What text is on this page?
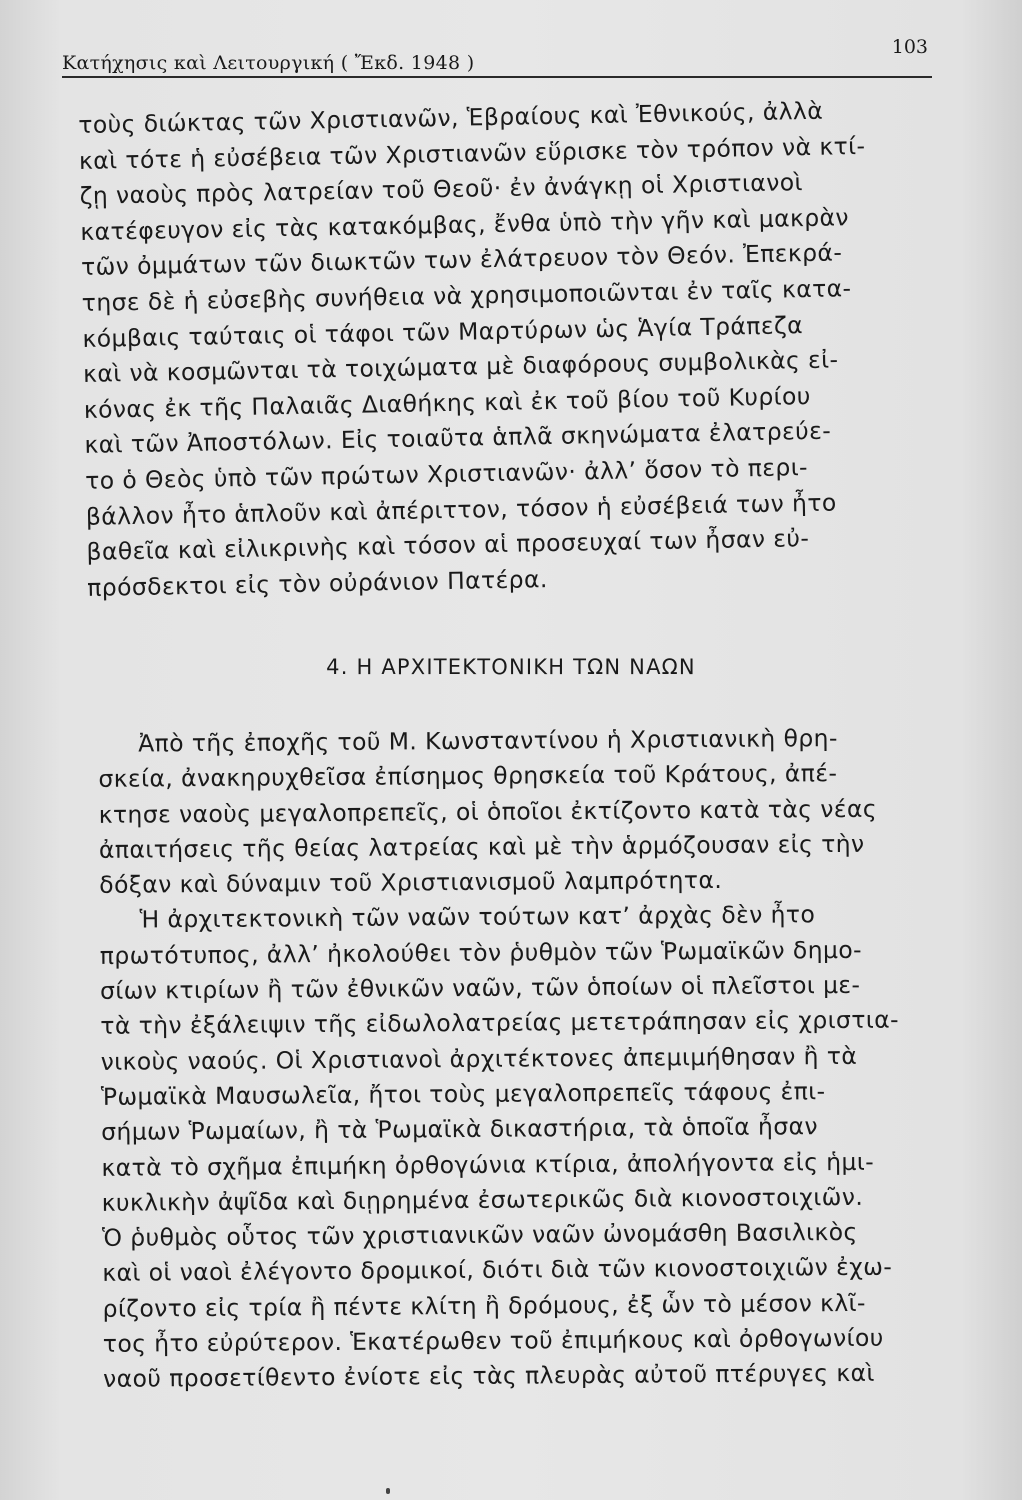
Κατήχησις καὶ Λειτουργική ( Ἔκδ. 1948 )
103
τοὺς διώκτας τῶν Χριστιανῶν, Ἑβραίους καὶ Ἐθνικούς, ἀλλὰ
καὶ τότε ἡ εὐσέβεια τῶν Χριστιανῶν εὕρισκε τὸν τρόπον νὰ κτί-
ζῃ ναοὺς πρὸς λατρείαν τοῦ Θεοῦ· ἐν ἀνάγκῃ οἱ Χριστιανοὶ
κατέφευγον εἰς τὰς κατακόμβας, ἔνθα ὑπὸ τὴν γῆν καὶ μακρὰν
τῶν ὀμμάτων τῶν διωκτῶν των ἐλάτρευον τὸν Θεόν. Ἐπεκρά-
τησε δὲ ἡ εὐσεβὴς συνήθεια νὰ χρησιμοποιῶνται ἐν ταῖς κατα-
κόμβαις ταύταις οἱ τάφοι τῶν Μαρτύρων ὡς Ἁγία Τράπεζα
καὶ νὰ κοσμῶνται τὰ τοιχώματα μὲ διαφόρους συμβολικὰς εἰ-
κόνας ἐκ τῆς Παλαιᾶς Διαθήκης καὶ ἐκ τοῦ βίου τοῦ Κυρίου
καὶ τῶν Ἀποστόλων. Εἰς τοιαῦτα ἁπλᾶ σκηνώματα ἐλατρεύε-
το ὁ Θεὸς ὑπὸ τῶν πρώτων Χριστιανῶν· ἀλλ’ ὅσον τὸ περι-
βάλλον ἦτο ἁπλοῦν καὶ ἀπέριττον, τόσον ἡ εὐσέβειά των ἦτο
βαθεῖα καὶ εἰλικρινὴς καὶ τόσον αἱ προσευχαί των ἦσαν εὐ-
πρόσδεκτοι εἰς τὸν οὐράνιον Πατέρα.
4. Η ΑΡΧΙΤΕΚΤΟΝΙΚΗ ΤΩΝ ΝΑΩΝ
Ἀπὸ τῆς ἐποχῆς τοῦ Μ. Κωνσταντίνου ἡ Χριστιανικὴ θρη-
σκεία, ἀνακηρυχθεῖσα ἐπίσημος θρησκεία τοῦ Κράτους, ἀπέ-
κτησε ναοὺς μεγαλοπρεπεῖς, οἱ ὁποῖοι ἐκτίζοντο κατὰ τὰς νέας
ἀπαιτήσεις τῆς θείας λατρείας καὶ μὲ τὴν ἁρμόζουσαν εἰς τὴν
δόξαν καὶ δύναμιν τοῦ Χριστιανισμοῦ λαμπρότητα.
Ἡ ἀρχιτεκτονικὴ τῶν ναῶν τούτων κατ’ ἀρχὰς δὲν ἦτο
πρωτότυπος, ἀλλ’ ἠκολούθει τὸν ῥυθμὸν τῶν Ῥωμαϊκῶν δημο-
σίων κτιρίων ἢ τῶν ἐθνικῶν ναῶν, τῶν ὁποίων οἱ πλεῖστοι με-
τὰ τὴν ἐξάλειψιν τῆς εἰδωλολατρείας μετετράπησαν εἰς χριστια-
νικοὺς ναούς. Οἱ Χριστιανοὶ ἀρχιτέκτονες ἀπεμιμήθησαν ἢ τὰ
Ῥωμαϊκὰ Μαυσωλεῖα, ἤτοι τοὺς μεγαλοπρεπεῖς τάφους ἐπι-
σήμων Ῥωμαίων, ἢ τὰ Ῥωμαϊκὰ δικαστήρια, τὰ ὁποῖα ἦσαν
κατὰ τὸ σχῆμα ἐπιμήκη ὀρθογώνια κτίρια, ἀπολήγοντα εἰς ἡμι-
κυκλικὴν ἀψῖδα καὶ διῃρημένα ἐσωτερικῶς διὰ κιονοστοιχιῶν.
Ὁ ῥυθμὸς οὗτος τῶν χριστιανικῶν ναῶν ὠνομάσθη Βασιλικὸς
καὶ οἱ ναοὶ ἐλέγοντο δρομικοί, διότι διὰ τῶν κιονοστοιχιῶν ἐχω-
ρίζοντο εἰς τρία ἢ πέντε κλίτη ἢ δρόμους, ἐξ ὧν τὸ μέσον κλῖ-
τος ἦτο εὐρύτερον. Ἑκατέρωθεν τοῦ ἐπιμήκους καὶ ὀρθογωνίου
ναοῦ προσετίθεντο ἐνίοτε εἰς τὰς πλευρὰς αὐτοῦ πτέρυγες καὶ
